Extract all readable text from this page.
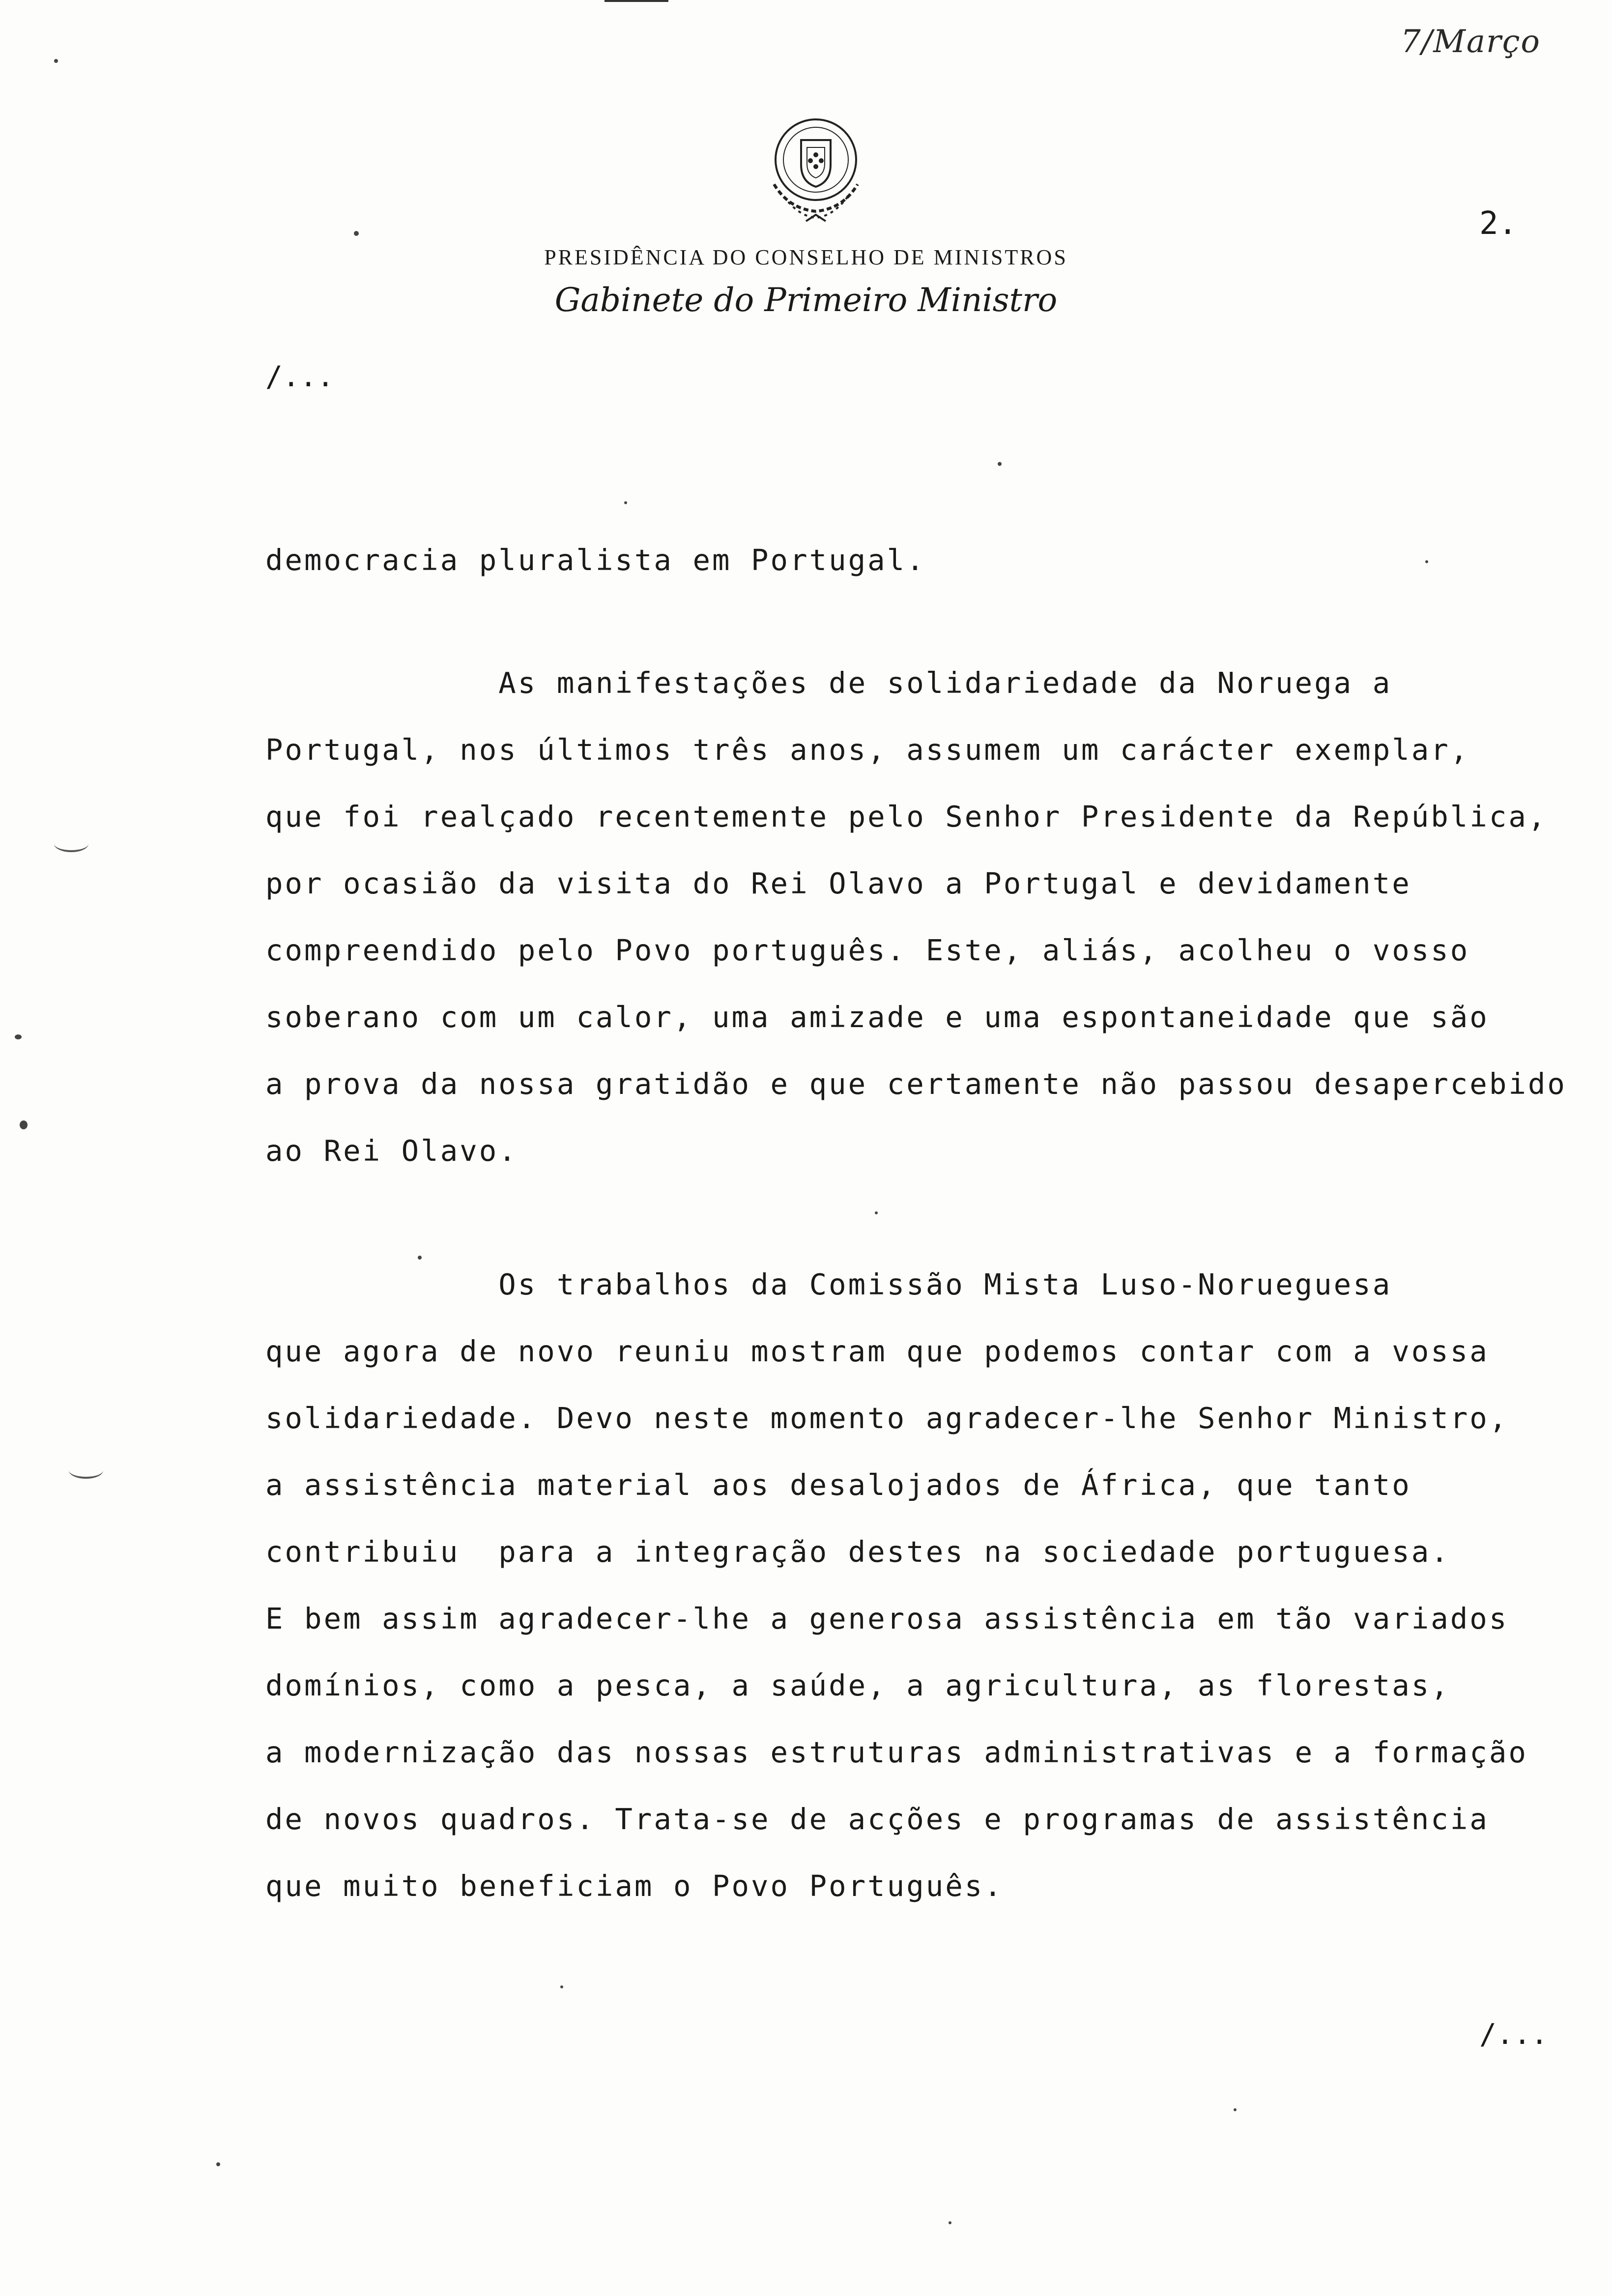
7/Março
2.
PRESIDÊNCIA DO CONSELHO DE MINISTROS
Gabinete do Primeiro Ministro
/...
democracia pluralista em Portugal.
As manifestações de solidariedade da Noruega a
Portugal, nos últimos três anos, assumem um carácter exemplar,
que foi realçado recentemente pelo Senhor Presidente da República,
por ocasião da visita do Rei Olavo a Portugal e devidamente
compreendido pelo Povo português. Este, aliás, acolheu o vosso
soberano com um calor, uma amizade e uma espontaneidade que são
a prova da nossa gratidão e que certamente não passou desapercebido
ao Rei Olavo.
Os trabalhos da Comissão Mista Luso-Norueguesa
que agora de novo reuniu mostram que podemos contar com a vossa
solidariedade. Devo neste momento agradecer-lhe Senhor Ministro,
a assistência material aos desalojados de África, que tanto
contribuiu  para a integração destes na sociedade portuguesa.
E bem assim agradecer-lhe a generosa assistência em tão variados
domínios, como a pesca, a saúde, a agricultura, as florestas,
a modernização das nossas estruturas administrativas e a formação
de novos quadros. Trata-se de acções e programas de assistência
que muito beneficiam o Povo Português.
/...
